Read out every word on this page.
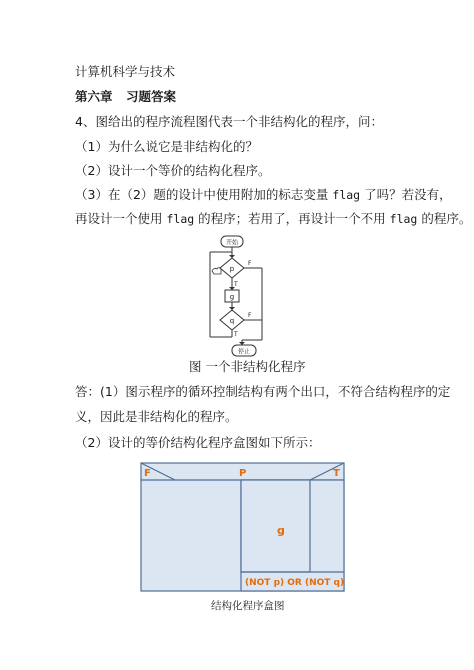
计算机科学与技术
第六章 习题答案
4、图给出的程序流程图代表一个非结构化的程序，问：
（1）为什么说它是非结构化的？
（2）设计一个等价的结构化程序。
（3）在（2）题的设计中使用附加的标志变量 flag 了吗？若没有，
再设计一个使用 flag 的程序；若用了，再设计一个不用 flag 的程序。
开始
p
g
q
停止
F
T
F
T
图 一个非结构化程序
答：(1）图示程序的循环控制结构有两个出口，不符合结构程序的定
义，因此是非结构化的程序。
（2）设计的等价结构化程序盒图如下所示：
F	P	T
g
(NOT p) OR (NOT q)
结构化程序盒图
